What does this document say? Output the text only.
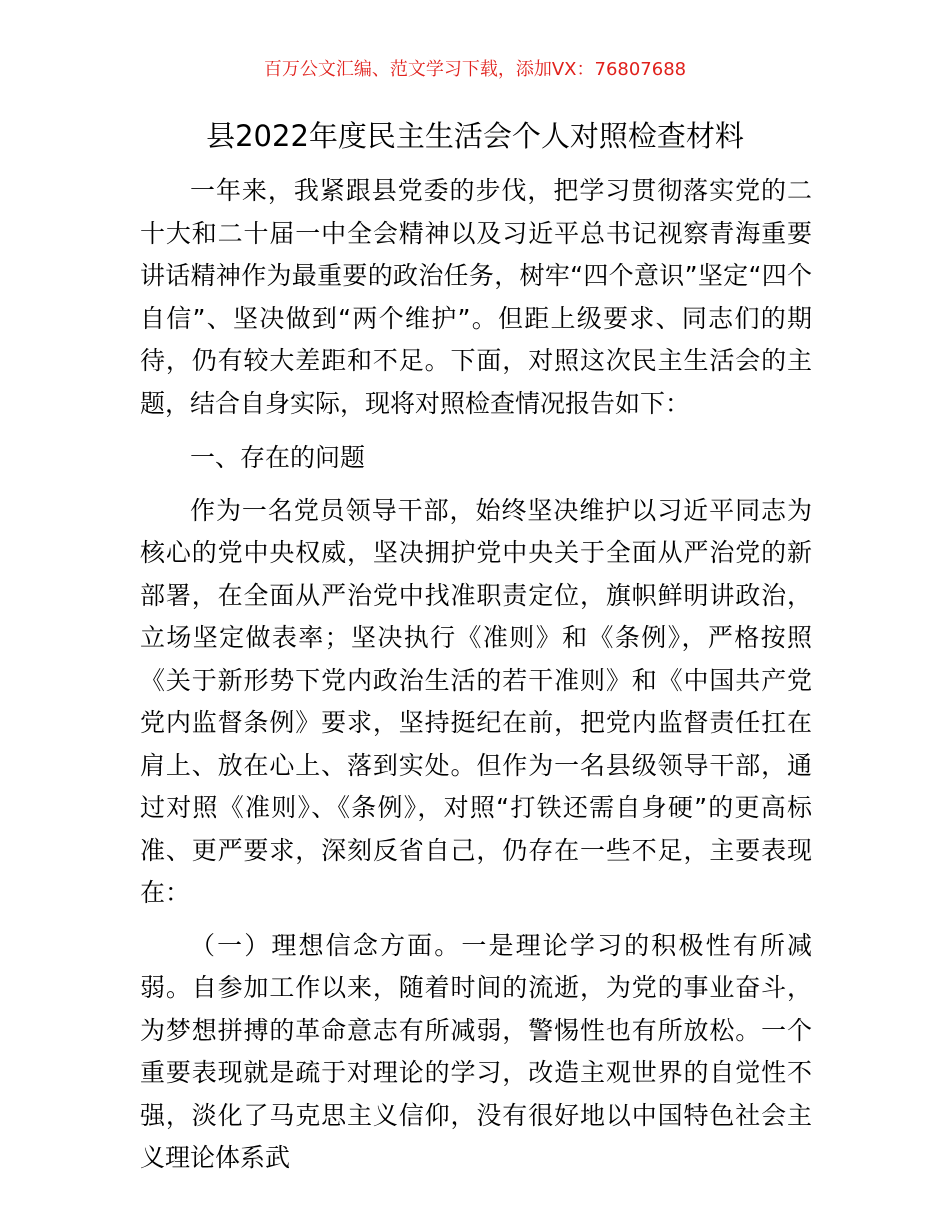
百万公文汇编、范文学习下载，添加VX：76807688
县2022年度民主生活会个人对照检查材料

一年来，我紧跟县党委的步伐，把学习贯彻落实党的二十大和二十届一中全会精神以及习近平总书记视察青海重要讲话精神作为最重要的政治任务，树牢“四个意识”坚定“四个自信”、坚决做到“两个维护”。但距上级要求、同志们的期待，仍有较大差距和不足。下面，对照这次民主生活会的主题，结合自身实际，现将对照检查情况报告如下：

一、存在的问题

作为一名党员领导干部，始终坚决维护以习近平同志为核心的党中央权威，坚决拥护党中央关于全面从严治党的新部署，在全面从严治党中找准职责定位，旗帜鲜明讲政治，立场坚定做表率；坚决执行《准则》和《条例》，严格按照《关于新形势下党内政治生活的若干准则》和《中国共产党党内监督条例》要求，坚持挺纪在前，把党内监督责任扛在肩上、放在心上、落到实处。但作为一名县级领导干部，通过对照《准则》、《条例》，对照“打铁还需自身硬”的更高标准、更严要求，深刻反省自己，仍存在一些不足，主要表现在：

（一）理想信念方面。一是理论学习的积极性有所减弱。自参加工作以来，随着时间的流逝，为党的事业奋斗，为梦想拼搏的革命意志有所减弱，警惕性也有所放松。一个重要表现就是疏于对理论的学习，改造主观世界的自觉性不强，淡化了马克思主义信仰，没有很好地以中国特色社会主义理论体系武
